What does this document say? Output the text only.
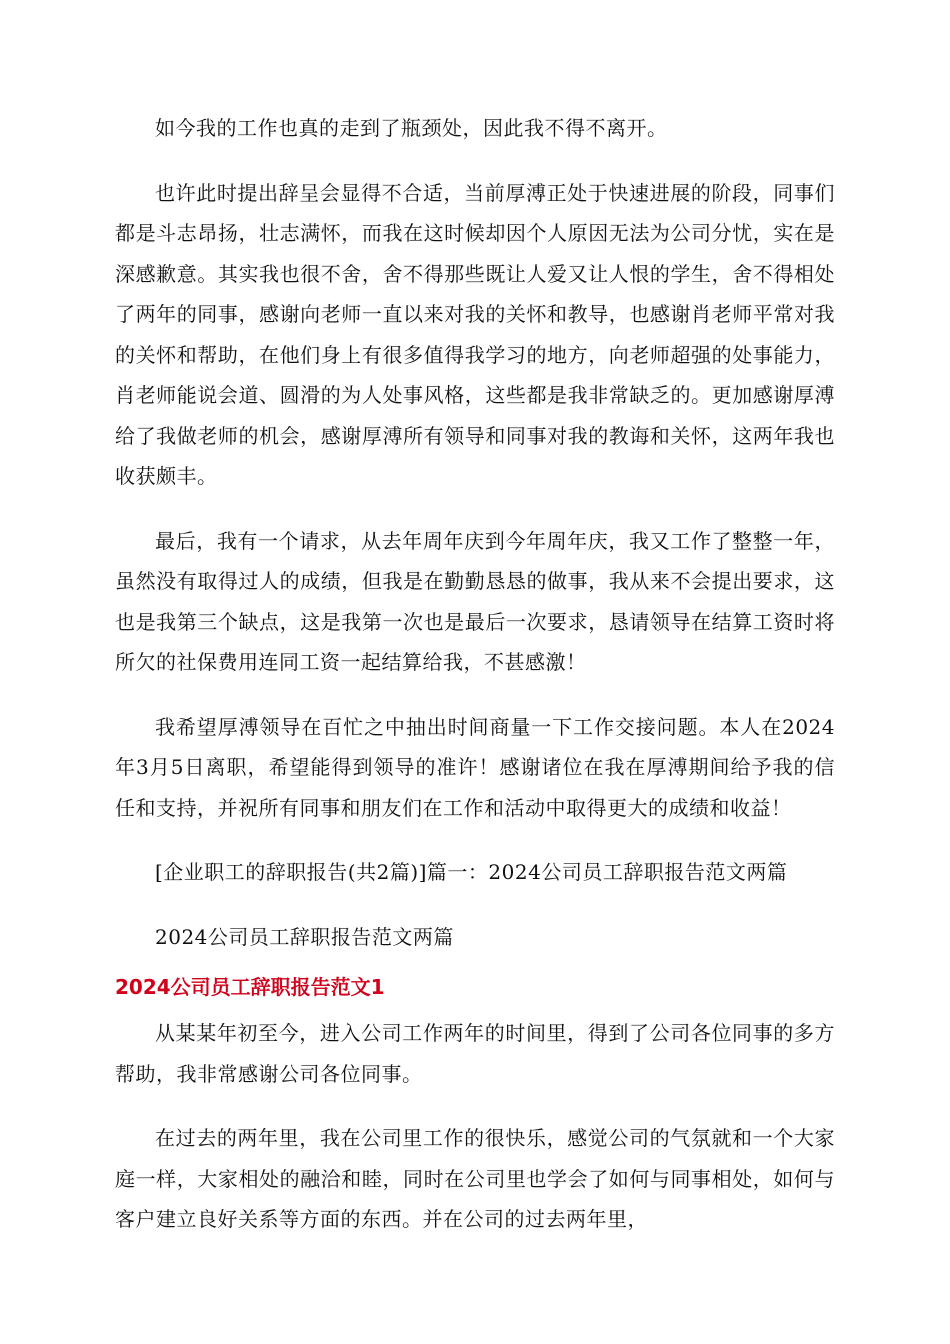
如今我的工作也真的走到了瓶颈处，因此我不得不离开。

也许此时提出辞呈会显得不合适，当前厚溥正处于快速进展的阶段，同事们都是斗志昂扬，壮志满怀，而我在这时候却因个人原因无法为公司分忧，实在是深感歉意。其实我也很不舍，舍不得那些既让人爱又让人恨的学生，舍不得相处了两年的同事，感谢向老师一直以来对我的关怀和教导，也感谢肖老师平常对我的关怀和帮助，在他们身上有很多值得我学习的地方，向老师超强的处事能力，肖老师能说会道、圆滑的为人处事风格，这些都是我非常缺乏的。更加感谢厚溥给了我做老师的机会，感谢厚溥所有领导和同事对我的教诲和关怀，这两年我也收获颇丰。

最后，我有一个请求，从去年周年庆到今年周年庆，我又工作了整整一年，虽然没有取得过人的成绩，但我是在勤勤恳恳的做事，我从来不会提出要求，这也是我第三个缺点，这是我第一次也是最后一次要求，恳请领导在结算工资时将所欠的社保费用连同工资一起结算给我，不甚感激！

我希望厚溥领导在百忙之中抽出时间商量一下工作交接问题。本人在2024年3月5日离职，希望能得到领导的准许！感谢诸位在我在厚溥期间给予我的信任和支持，并祝所有同事和朋友们在工作和活动中取得更大的成绩和收益！

[企业职工的辞职报告(共2篇)]篇一：2024公司员工辞职报告范文两篇

2024公司员工辞职报告范文两篇

2024公司员工辞职报告范文1

从某某年初至今，进入公司工作两年的时间里，得到了公司各位同事的多方帮助，我非常感谢公司各位同事。

在过去的两年里，我在公司里工作的很快乐，感觉公司的气氛就和一个大家庭一样，大家相处的融洽和睦，同时在公司里也学会了如何与同事相处，如何与客户建立良好关系等方面的东西。并在公司的过去两年里，
